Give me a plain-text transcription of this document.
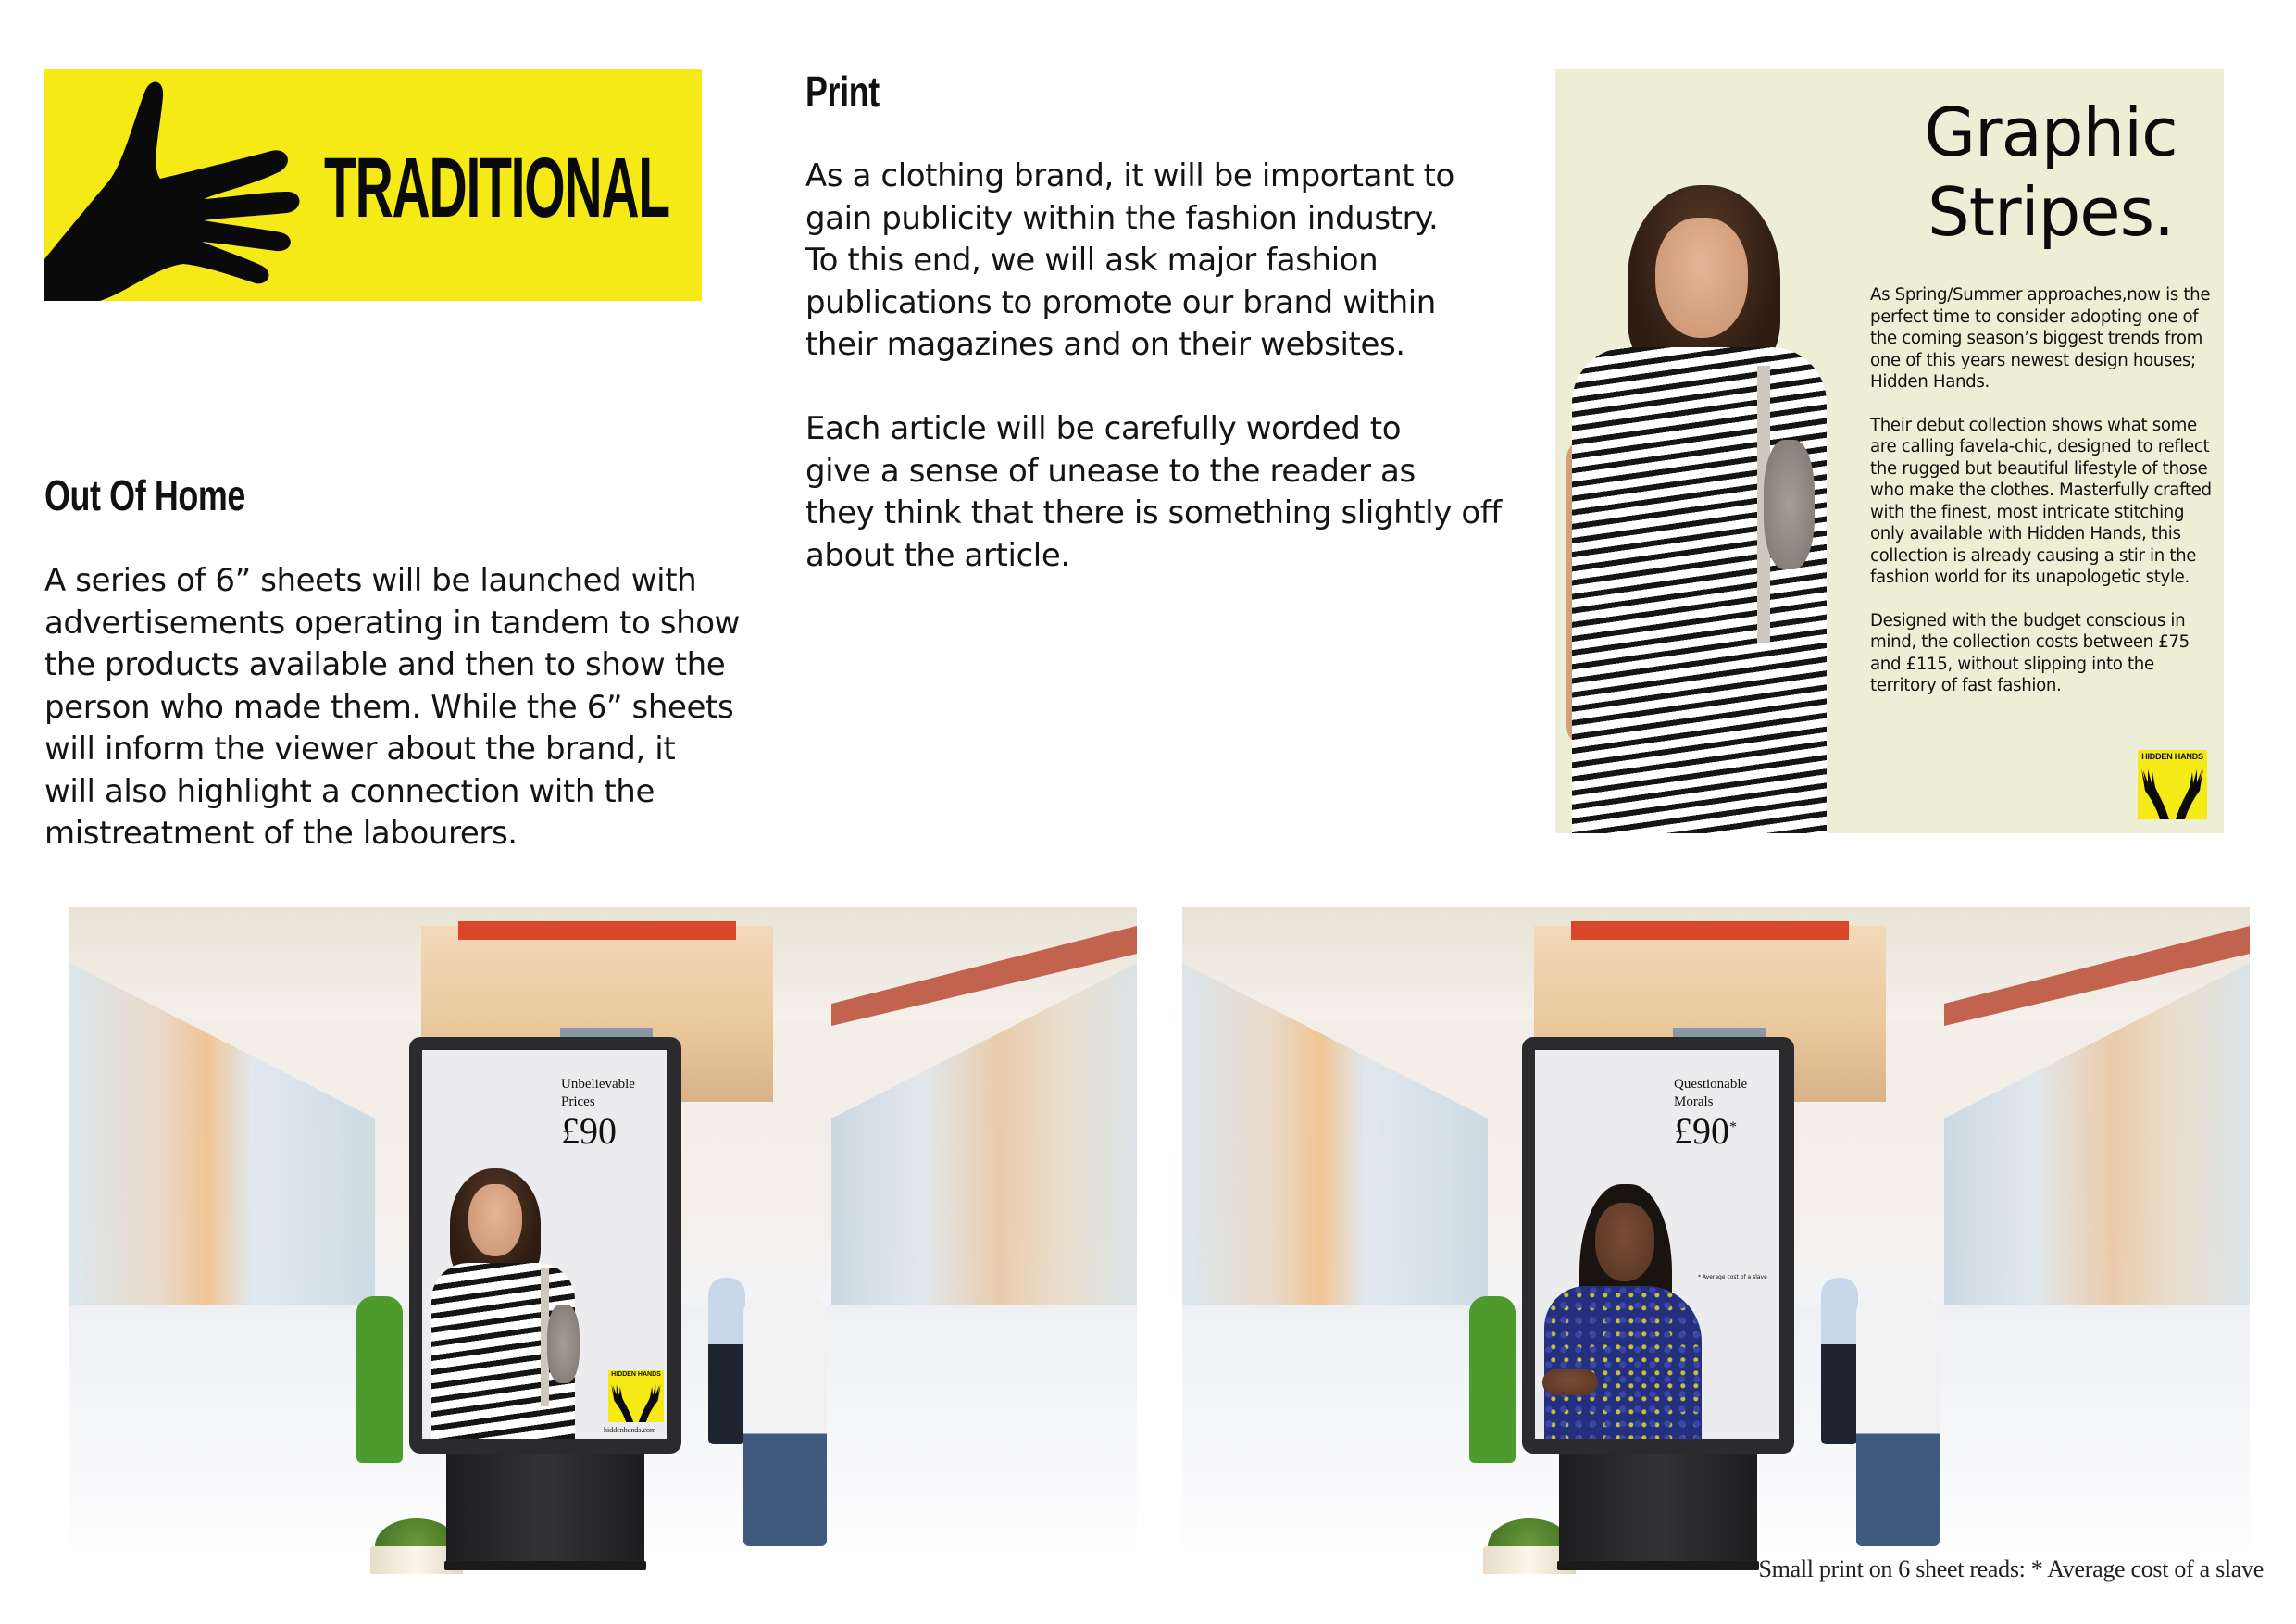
TRADITIONAL
Print

As a clothing brand, it will be important to

gain publicity within the fashion industry.

To this end, we will ask major fashion

publications to promote our brand within

their magazines and on their websites.

Each article will be carefully worded to

give a sense of unease to the reader as

they think that there is something slightly off

about the article.

Out Of Home

A series of 6” sheets will be launched with

advertisements operating in tandem to show

the products available and then to show the

person who made them. While the 6” sheets

will inform the viewer about the brand, it

will also highlight a connection with the

mistreatment of the labourers.

Graphic
Stripes.

As Spring/Summer approaches,now is the perfect time to consider adopting one of the coming season’s biggest trends from one of this years newest design houses; Hidden Hands.

Their debut collection shows what some are calling favela-chic, designed to reflect the rugged but beautiful lifestyle of those who make the clothes. Masterfully crafted with the finest, most intricate stitching only available with Hidden Hands, this collection is already causing a stir in the fashion world for its unapologetic style.

Designed with the budget conscious in mind, the collection costs between £75 and £115, without slipping into the territory of fast fashion.

HIDDEN HANDS
Unbelievable
Prices
£90
HIDDEN HANDS
hiddenhands.com
Questionable
Morals
£90*
* Average cost of a slave
Small print on 6 sheet reads: * Average cost of a slave
